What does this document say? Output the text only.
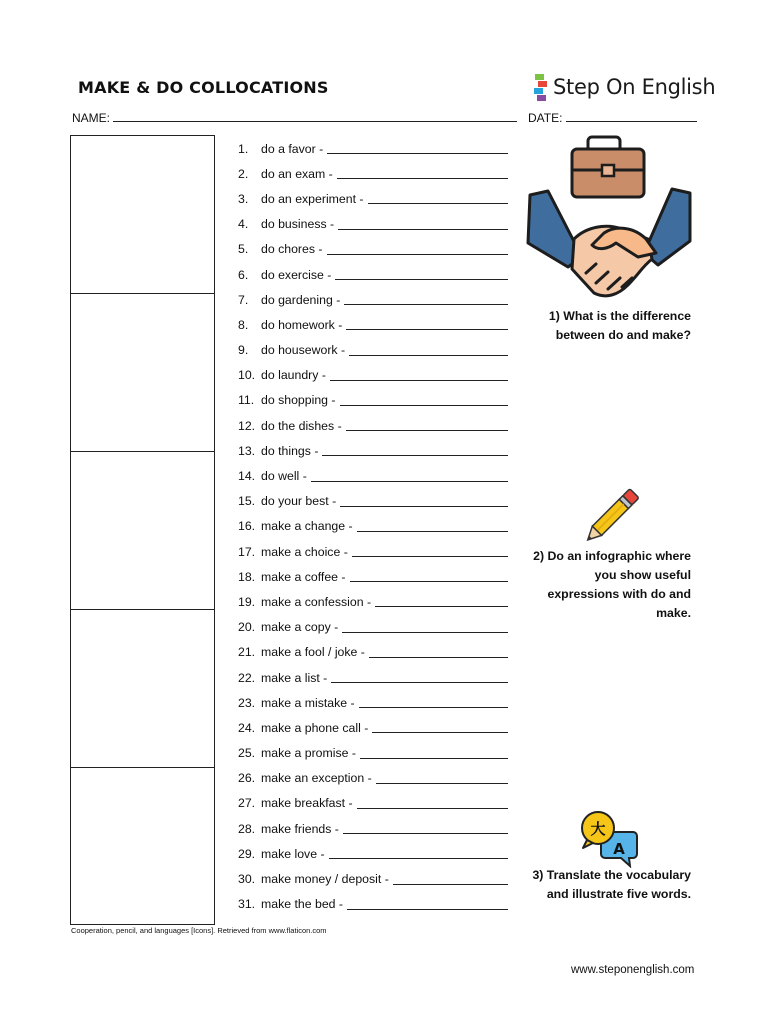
MAKE & DO COLLOCATIONS	Step On English
NAME:	DATE:
1.	do a favor -
2.	do an exam -
3.	do an experiment -
4.	do business -
5.	do chores -
6.	do exercise -
7.	do gardening -
8.	do homework -
9.	do housework -
10. do laundry -
11. do shopping -
12. do the dishes -
13. do things -
14. do well -
15. do your best -
16. make a change -
17. make a choice -
18. make a coffee -
19. make a confession -
20. make a copy -
21. make a fool / joke -
22. make a list -
23. make a mistake -
24. make a phone call -
25. make a promise -
26. make an exception -
27. make breakfast -
28. make friends -
29. make love -
30. make money / deposit -
31. make the bed -
1) What is the difference
between do and make?
2) Do an infographic where
you show useful
expressions with do and
make.
A
大
3) Translate the vocabulary
and illustrate five words.
Cooperation, pencil, and languages [Icons]. Retrieved from www.flaticon.com
www.steponenglish.com
